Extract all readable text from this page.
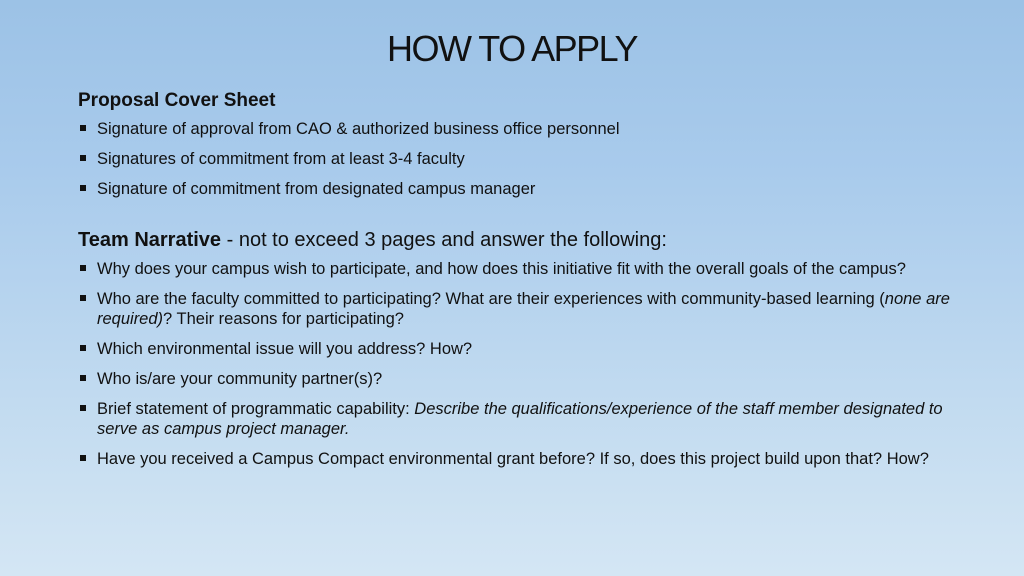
HOW TO APPLY
Proposal Cover Sheet
Signature of approval from CAO & authorized business office personnel
Signatures of commitment from at least 3-4 faculty
Signature of commitment from designated campus manager
Team Narrative - not to exceed 3 pages and answer the following:
Why does your campus wish to participate, and how does this initiative fit with the overall goals of the campus?
Who are the faculty committed to participating? What are their experiences with community-based learning (none are required)? Their reasons for participating?
Which environmental issue will you address? How?
Who is/are your community partner(s)?
Brief statement of programmatic capability: Describe the qualifications/experience of the staff member designated to serve as campus project manager.
Have you received a Campus Compact environmental grant before? If so, does this project build upon that? How?
